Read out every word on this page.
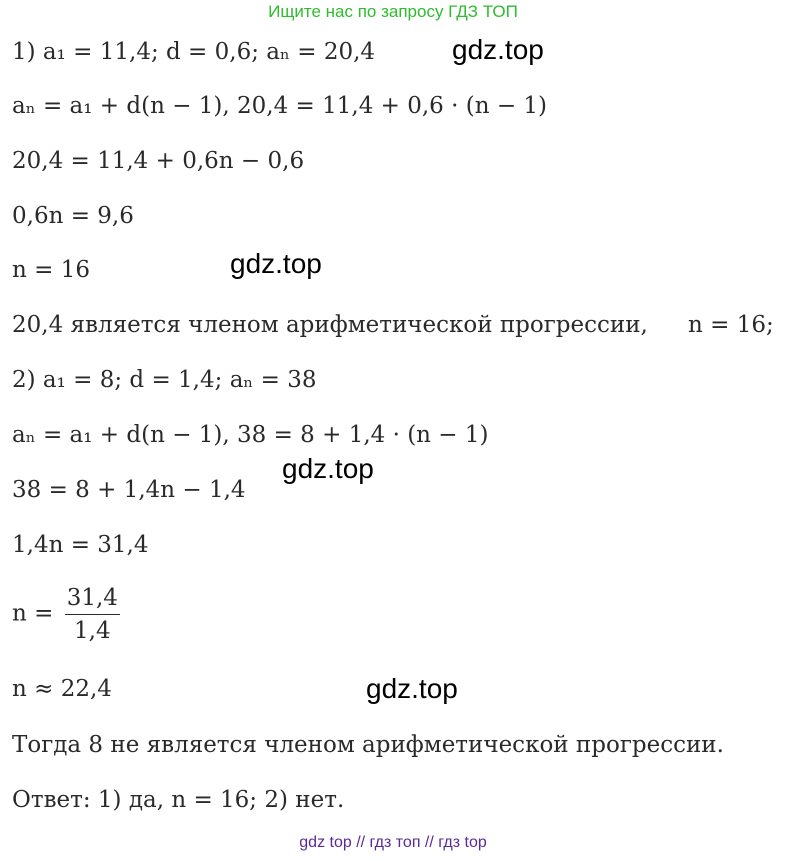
Ищите нас по запросу ГДЗ ТОП
1) a₁ = 11,4; d = 0,6; aₙ = 20,4	gdz.top
aₙ = a₁ + d(n − 1), 20,4 = 11,4 + 0,6 · (n − 1)
20,4 = 11,4 + 0,6n − 0,6
0,6n = 9,6
n = 16	gdz.top
20,4 является членом арифметической прогрессии, n = 16;
2) a₁ = 8; d = 1,4; aₙ = 38
aₙ = a₁ + d(n − 1), 38 = 8 + 1,4 · (n − 1)
gdz.top
38 = 8 + 1,4n − 1,4
1,4n = 31,4
$n = \frac{31,4}{1,4}$
n ≈ 22,4	gdz.top
Тогда 8 не является членом арифметической прогрессии.
Ответ: 1) да, n = 16; 2) нет.
gdz top // гдз топ // гдз top
